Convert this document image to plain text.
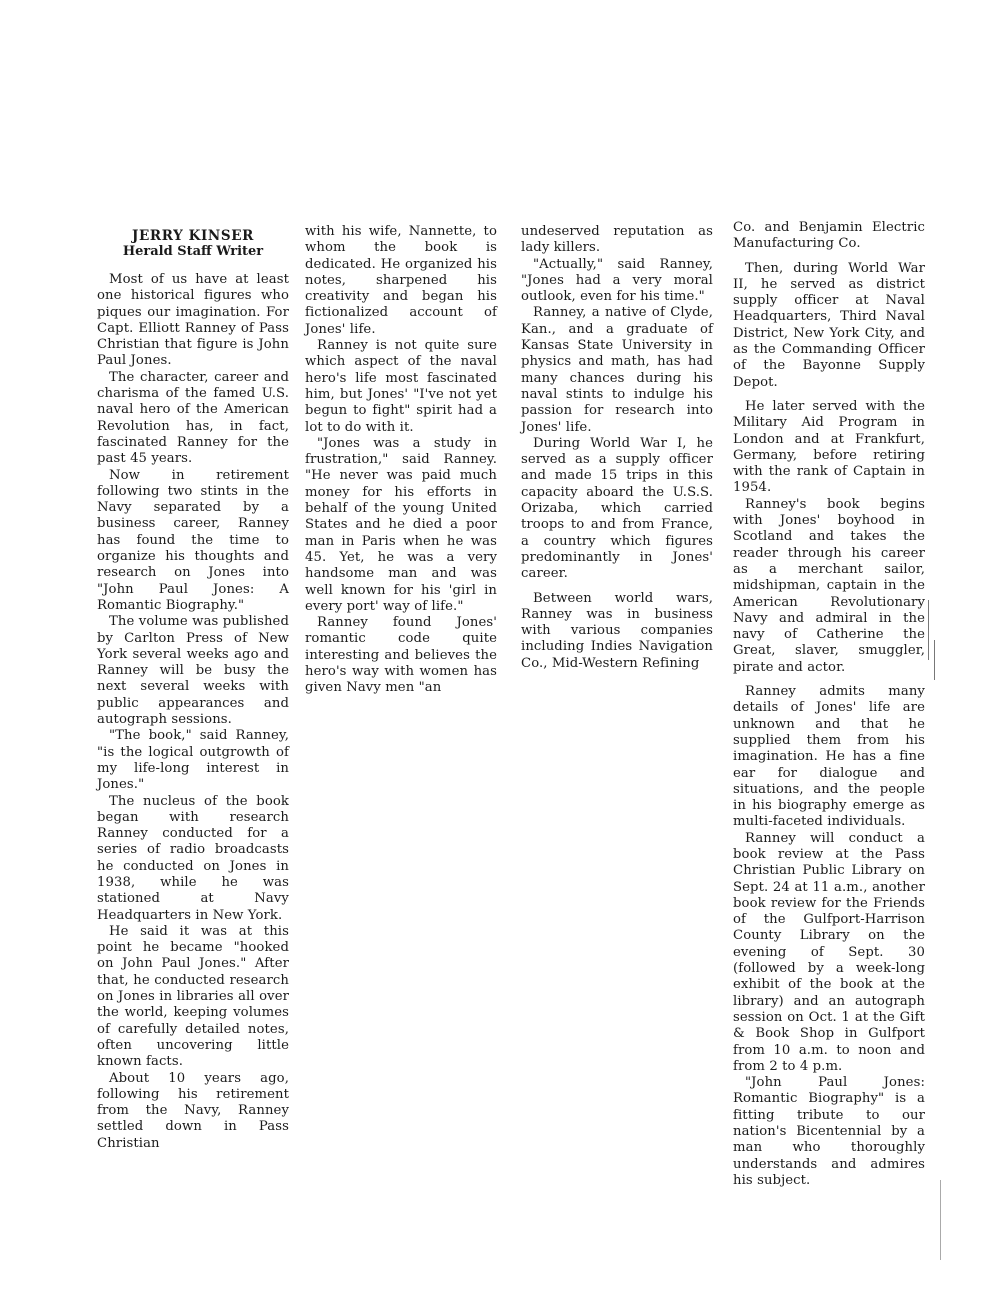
JERRY KINSER

Herald Staff Writer

Most of us have at least one historical figures who piques our imagination. For Capt. Elliott Ranney of Pass Christian that figure is John Paul Jones.

The character, career and charisma of the famed U.S. naval hero of the American Revolution has, in fact, fascinated Ranney for the past 45 years.

Now in retirement following two stints in the Navy separated by a business career, Ranney has found the time to organize his thoughts and research on Jones into "John Paul Jones: A Romantic Biography."

The volume was published by Carlton Press of New York several weeks ago and Ranney will be busy the next several weeks with public appearances and autograph sessions.

"The book," said Ranney, "is the logical outgrowth of my life-long interest in Jones."

The nucleus of the book began with research Ranney conducted for a series of radio broadcasts he conducted on Jones in 1938, while he was stationed at Navy Headquarters in New York.

He said it was at this point he became "hooked on John Paul Jones." After that, he conducted research on Jones in libraries all over the world, keeping volumes of carefully detailed notes, often uncovering little known facts.

About 10 years ago, following his retirement from the Navy, Ranney settled down in Pass Christian

with his wife, Nannette, to whom the book is dedicated. He organized his notes, sharpened his creativity and began his fictionalized account of Jones' life.

Ranney is not quite sure which aspect of the naval hero's life most fascinated him, but Jones' "I've not yet begun to fight" spirit had a lot to do with it.

"Jones was a study in frustration," said Ranney. "He never was paid much money for his efforts in behalf of the young United States and he died a poor man in Paris when he was 45. Yet, he was a very handsome man and was well known for his 'girl in every port' way of life."

Ranney found Jones' romantic code quite interesting and believes the hero's way with women has given Navy men "an

undeserved reputation as lady killers.

"Actually," said Ranney, "Jones had a very moral outlook, even for his time."

Ranney, a native of Clyde, Kan., and a graduate of Kansas State University in physics and math, has had many chances during his naval stints to indulge his passion for research into Jones' life.

During World War I, he served as a supply officer and made 15 trips in this capacity aboard the U.S.S. Orizaba, which carried troops to and from France, a country which figures predominantly in Jones' career.

Between world wars, Ranney was in business with various companies including Indies Navigation Co., Mid-Western Refining

Co. and Benjamin Electric Manufacturing Co.

Then, during World War II, he served as district supply officer at Naval Headquarters, Third Naval District, New York City, and as the Commanding Officer of the Bayonne Supply Depot.

He later served with the Military Aid Program in London and at Frankfurt, Germany, before retiring with the rank of Captain in 1954.

Ranney's book begins with Jones' boyhood in Scotland and takes the reader through his career as a merchant sailor, midshipman, captain in the American Revolutionary Navy and admiral in the navy of Catherine the Great, slaver, smuggler, pirate and actor.

Ranney admits many details of Jones' life are unknown and that he supplied them from his imagination. He has a fine ear for dialogue and situations, and the people in his biography emerge as multi-faceted individuals.

Ranney will conduct a book review at the Pass Christian Public Library on Sept. 24 at 11 a.m., another book review for the Friends of the Gulfport-Harrison County Library on the evening of Sept. 30 (followed by a week-long exhibit of the book at the library) and an autograph session on Oct. 1 at the Gift & Book Shop in Gulfport from 10 a.m. to noon and from 2 to 4 p.m.

"John Paul Jones: Romantic Biography" is a fitting tribute to our nation's Bicentennial by a man who thoroughly understands and admires his subject.
